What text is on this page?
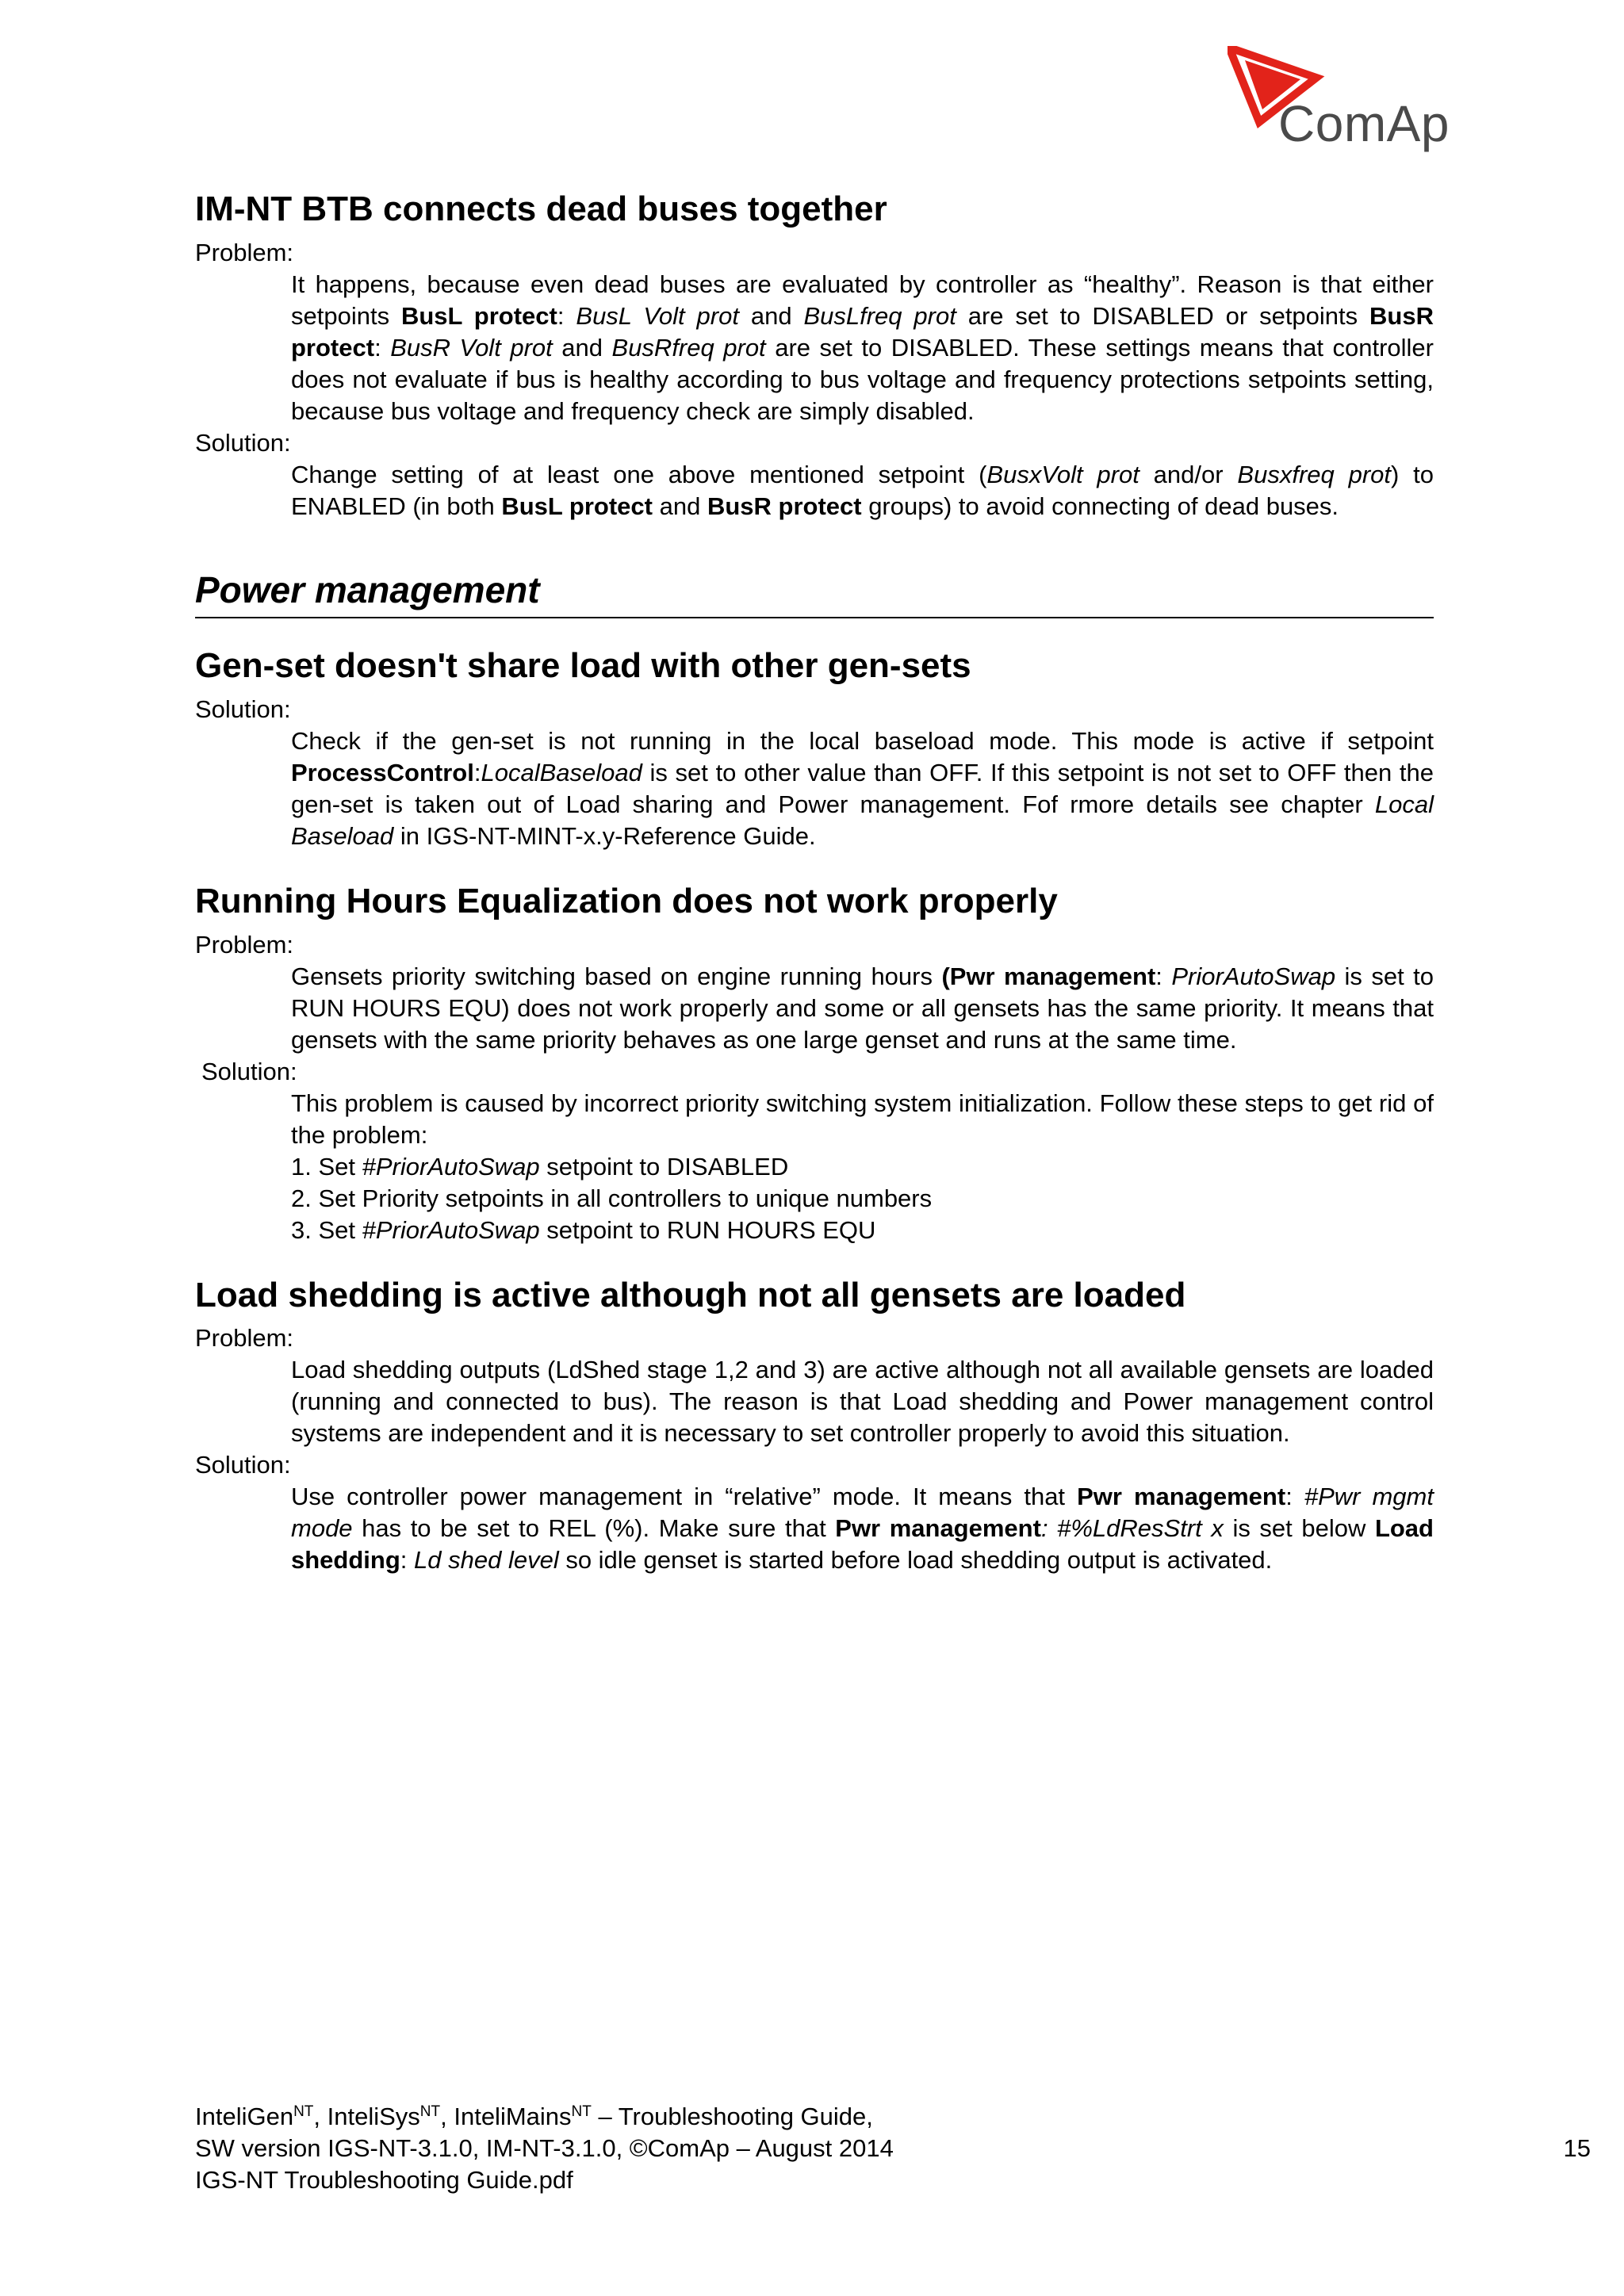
ComAp
IM-NT BTB connects dead buses together

Problem:

It happens, because even dead buses are evaluated by controller as “healthy”. Reason is that either setpoints BusL protect: BusL Volt prot and BusLfreq prot are set to DISABLED or setpoints BusR protect: BusR Volt prot and BusRfreq prot are set to DISABLED. These settings means that controller does not evaluate if bus is healthy according to bus voltage and frequency protections setpoints setting, because bus voltage and frequency check are simply disabled.

Solution:

Change setting of at least one above mentioned setpoint (BusxVolt prot and/or Busxfreq prot) to ENABLED (in both BusL protect and BusR protect groups) to avoid connecting of dead buses.

Power management
Gen-set doesn't share load with other gen-sets

Solution:

Check if the gen-set is not running in the local baseload mode. This mode is active if setpoint ProcessControl:LocalBaseload is set to other value than OFF. If this setpoint is not set to OFF then the gen-set is taken out of Load sharing and Power management. Fof rmore details see chapter Local Baseload in IGS-NT-MINT-x.y-Reference Guide.

Running Hours Equalization does not work properly

Problem:

Gensets priority switching based on engine running hours (Pwr management: PriorAutoSwap is set to RUN HOURS EQU) does not work properly and some or all gensets has the same priority. It means that gensets with the same priority behaves as one large genset and runs at the same time.

Solution:

This problem is caused by incorrect priority switching system initialization. Follow these steps to get rid of the problem:

1. Set #PriorAutoSwap setpoint to DISABLED

2. Set Priority setpoints in all controllers to unique numbers

3. Set #PriorAutoSwap setpoint to RUN HOURS EQU

Load shedding is active although not all gensets are loaded

Problem:

Load shedding outputs (LdShed stage 1,2 and 3) are active although not all available gensets are loaded (running and connected to bus). The reason is that Load shedding and Power management control systems are independent and it is necessary to set controller properly to avoid this situation.

Solution:

Use controller power management in “relative” mode. It means that Pwr management: #Pwr mgmt mode has to be set to REL (%). Make sure that Pwr management: #%LdResStrt x is set below Load shedding: Ld shed level so idle genset is started before load shedding output is activated.

InteliGen$^{NT}$, InteliSys$^{NT}$, InteliMains$^{NT}$ – Troubleshooting Guide,
SW version IGS-NT-3.1.0, IM-NT-3.1.0, ©ComAp – August 2014
IGS-NT Troubleshooting Guide.pdf
15
